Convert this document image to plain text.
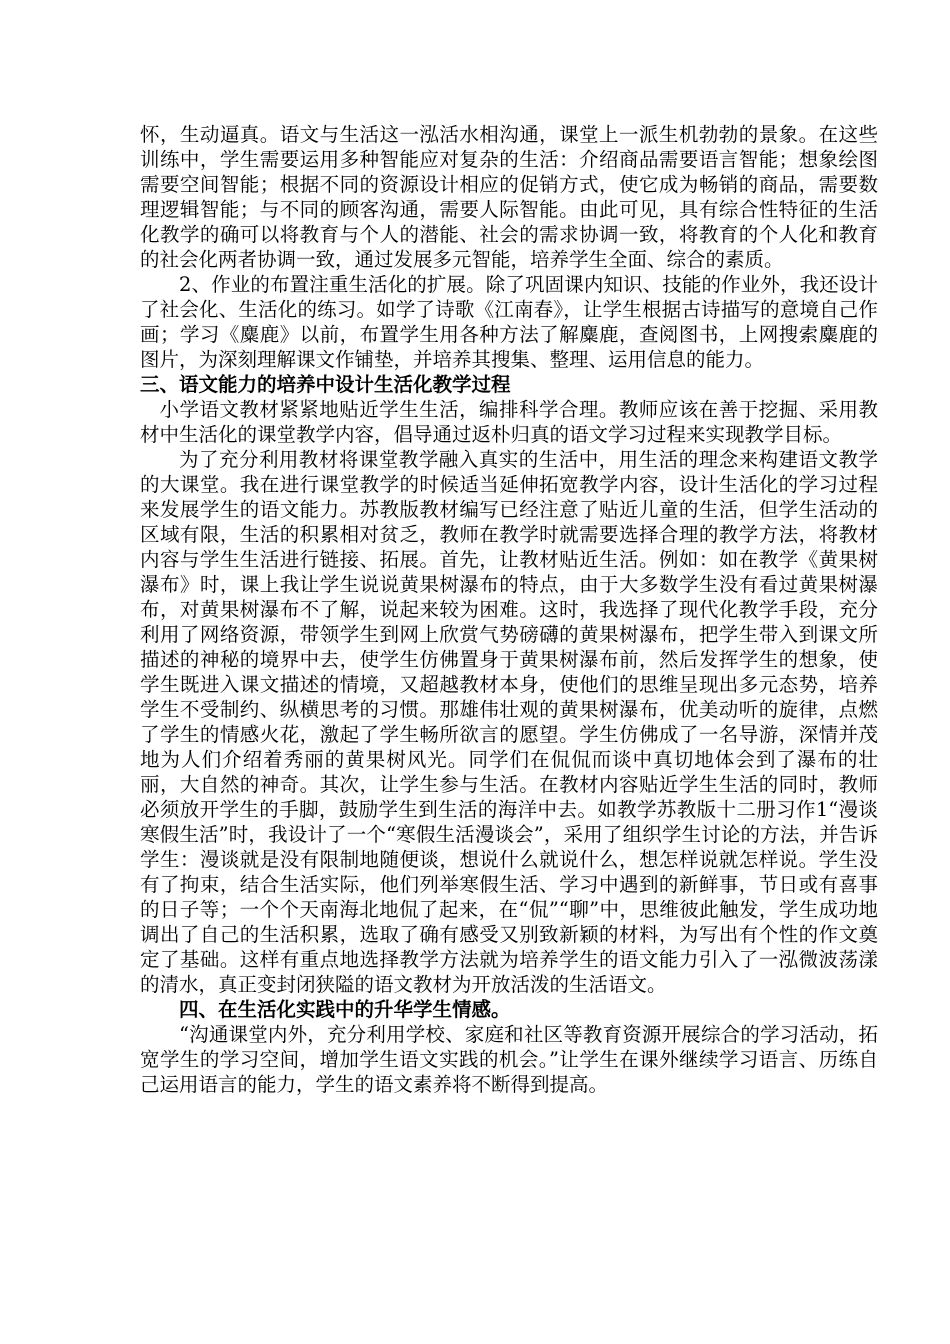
怀，生动逼真。语文与生活这一泓活水相沟通，课堂上一派生机勃勃的景象。在这些训练中，学生需要运用多种智能应对复杂的生活：介绍商品需要语言智能；想象绘图需要空间智能；根据不同的资源设计相应的促销方式，使它成为畅销的商品，需要数理逻辑智能；与不同的顾客沟通，需要人际智能。由此可见，具有综合性特征的生活化教学的确可以将教育与个人的潜能、社会的需求协调一致，将教育的个人化和教育的社会化两者协调一致，通过发展多元智能，培养学生全面、综合的素质。

2、作业的布置注重生活化的扩展。除了巩固课内知识、技能的作业外，我还设计了社会化、生活化的练习。如学了诗歌《江南春》，让学生根据古诗描写的意境自己作画；学习《麋鹿》以前，布置学生用各种方法了解麋鹿，查阅图书，上网搜索麋鹿的图片，为深刻理解课文作铺垫，并培养其搜集、整理、运用信息的能力。

三、语文能力的培养中设计生活化教学过程

小学语文教材紧紧地贴近学生生活，编排科学合理。教师应该在善于挖掘、采用教材中生活化的课堂教学内容，倡导通过返朴归真的语文学习过程来实现教学目标。

为了充分利用教材将课堂教学融入真实的生活中，用生活的理念来构建语文教学的大课堂。我在进行课堂教学的时候适当延伸拓宽教学内容，设计生活化的学习过程来发展学生的语文能力。苏教版教材编写已经注意了贴近儿童的生活，但学生活动的区域有限，生活的积累相对贫乏，教师在教学时就需要选择合理的教学方法，将教材内容与学生生活进行链接、拓展。首先，让教材贴近生活。例如：如在教学《黄果树瀑布》时，课上我让学生说说黄果树瀑布的特点，由于大多数学生没有看过黄果树瀑布，对黄果树瀑布不了解，说起来较为困难。这时，我选择了现代化教学手段，充分利用了网络资源，带领学生到网上欣赏气势磅礴的黄果树瀑布，把学生带入到课文所描述的神秘的境界中去，使学生仿佛置身于黄果树瀑布前，然后发挥学生的想象，使学生既进入课文描述的情境，又超越教材本身，使他们的思维呈现出多元态势，培养学生不受制约、纵横思考的习惯。那雄伟壮观的黄果树瀑布，优美动听的旋律，点燃了学生的情感火花，激起了学生畅所欲言的愿望。学生仿佛成了一名导游，深情并茂地为人们介绍着秀丽的黄果树风光。同学们在侃侃而谈中真切地体会到了瀑布的壮丽，大自然的神奇。其次，让学生参与生活。在教材内容贴近学生生活的同时，教师必须放开学生的手脚，鼓励学生到生活的海洋中去。如教学苏教版十二册习作1“漫谈寒假生活”时，我设计了一个“寒假生活漫谈会”，采用了组织学生讨论的方法，并告诉学生：漫谈就是没有限制地随便谈，想说什么就说什么，想怎样说就怎样说。学生没有了拘束，结合生活实际，他们列举寒假生活、学习中遇到的新鲜事，节日或有喜事的日子等；一个个天南海北地侃了起来，在“侃”“聊”中，思维彼此触发，学生成功地调出了自己的生活积累，选取了确有感受又别致新颖的材料，为写出有个性的作文奠定了基础。这样有重点地选择教学方法就为培养学生的语文能力引入了一泓微波荡漾的清水，真正变封闭狭隘的语文教材为开放活泼的生活语文。

四、在生活化实践中的升华学生情感。

“沟通课堂内外，充分利用学校、家庭和社区等教育资源开展综合的学习活动，拓宽学生的学习空间，增加学生语文实践的机会。”让学生在课外继续学习语言、历练自己运用语言的能力，学生的语文素养将不断得到提高。
